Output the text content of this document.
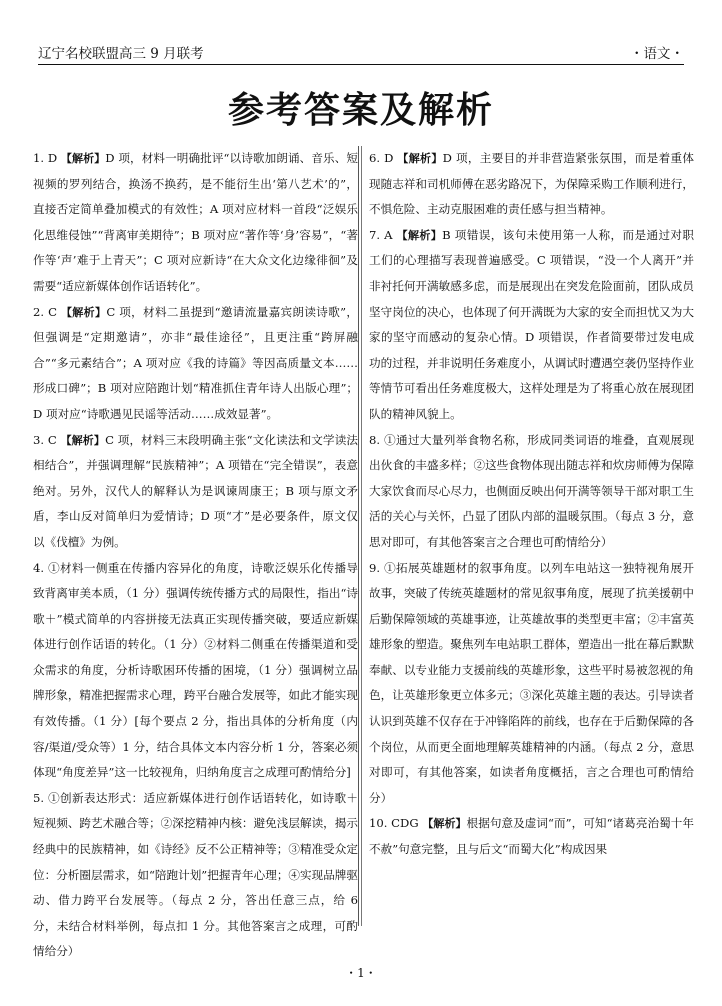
辽宁名校联盟高三 9 月联考	・语文・
参考答案及解析
1. D 【解析】D 项，材料一明确批评“以诗歌加朗诵、音乐、短视频的罗列结合，换汤不换药，是不能衍生出‘第八艺术’的”，直接否定简单叠加模式的有效性；A 项对应材料一首段“泛娱乐化思维侵蚀”“背离审美期待”；B 项对应“著作等‘身’容易”，“著作等‘声’难于上青天”；C 项对应新诗“在大众文化边缘徘徊”及需要“适应新媒体创作话语转化”。
2. C 【解析】C 项，材料二虽提到“邀请流量嘉宾朗读诗歌”，但强调是“定期邀请”，亦非“最佳途径”，且更注重“跨屏融合”“多元素结合”；A 项对应《我的诗篇》等因高质量文本……形成口碑”；B 项对应陪跑计划“精准抓住青年诗人出版心理”；D 项对应“诗歌遇见民谣等活动……成效显著”。
3. C 【解析】C 项，材料三末段明确主张“文化读法和文学读法相结合”，并强调理解“民族精神”；A 项错在“完全错误”，表意绝对。另外，汉代人的解释认为是讽谏周康王；B 项与原文矛盾，李山反对简单归为爱情诗；D 项“才”是必要条件，原文仅以《伐檀》为例。
4. ①材料一侧重在传播内容异化的角度，诗歌泛娱乐化传播导致背离审美本质，（1 分）强调传统传播方式的局限性，指出“诗歌＋”模式简单的内容拼接无法真正实现传播突破，要适应新媒体进行创作话语的转化。（1 分）②材料二侧重在传播渠道和受众需求的角度，分析诗歌困环传播的困境，（1 分）强调树立品牌形象，精准把握需求心理，跨平台融合发展等，如此才能实现有效传播。（1 分）[每个要点 2 分，指出具体的分析角度（内容/渠道/受众等）1 分，结合具体文本内容分析 1 分，答案必须体现“角度差异”这一比较视角，归纳角度言之成理可酌情给分]
5. ①创新表达形式：适应新媒体进行创作话语转化，如诗歌＋短视频、跨艺术融合等；②深挖精神内核：避免浅层解读，揭示经典中的民族精神，如《诗经》反不公正精神等；③精准受众定位：分析圈层需求，如“陪跑计划”把握青年心理；④实现品牌驱动、借力跨平台发展等。（每点 2 分，答出任意三点，给 6 分，未结合材料举例，每点扣 1 分。其他答案言之成理，可酌情给分）
6. D 【解析】D 项，主要目的并非营造紧张氛围，而是着重体现随志祥和司机师傅在恶劣路况下，为保障采购工作顺利进行，不惧危险、主动克服困难的责任感与担当精神。
7. A 【解析】B 项错误，该句未使用第一人称，而是通过对职工们的心理描写表现普遍感受。C 项错误，“没一个人离开”并非衬托何开满敏感多虑，而是展现出在突发危险面前，团队成员坚守岗位的决心，也体现了何开满既为大家的安全而担忧又为大家的坚守而感动的复杂心情。D 项错误，作者简要带过发电成功的过程，并非说明任务难度小，从调试时遭遇空袭仍坚持作业等情节可看出任务难度极大，这样处理是为了将重心放在展现团队的精神风貌上。
8. ①通过大量列举食物名称，形成同类词语的堆叠，直观展现出伙食的丰盛多样；②这些食物体现出随志祥和炊房师傅为保障大家饮食而尽心尽力，也侧面反映出何开满等领导干部对职工生活的关心与关怀，凸显了团队内部的温暖氛围。（每点 3 分，意思对即可，有其他答案言之合理也可酌情给分）
9. ①拓展英雄题材的叙事角度。以列车电站这一独特视角展开故事，突破了传统英雄题材的常见叙事角度，展现了抗美援朝中后勤保障领域的英雄事迹，让英雄故事的类型更丰富；②丰富英雄形象的塑造。聚焦列车电站职工群体，塑造出一批在幕后默默奉献、以专业能力支援前线的英雄形象，这些平时易被忽视的角色，让英雄形象更立体多元；③深化英雄主题的表达。引导读者认识到英雄不仅存在于冲锋陷阵的前线，也存在于后勤保障的各个岗位，从而更全面地理解英雄精神的内涵。（每点 2 分，意思对即可，有其他答案，如读者角度概括，言之合理也可酌情给分）
10. CDG 【解析】根据句意及虚词“而”，可知“诸葛亮治蜀十年不赦”句意完整，且与后文“而蜀大化”构成因果
・1・
